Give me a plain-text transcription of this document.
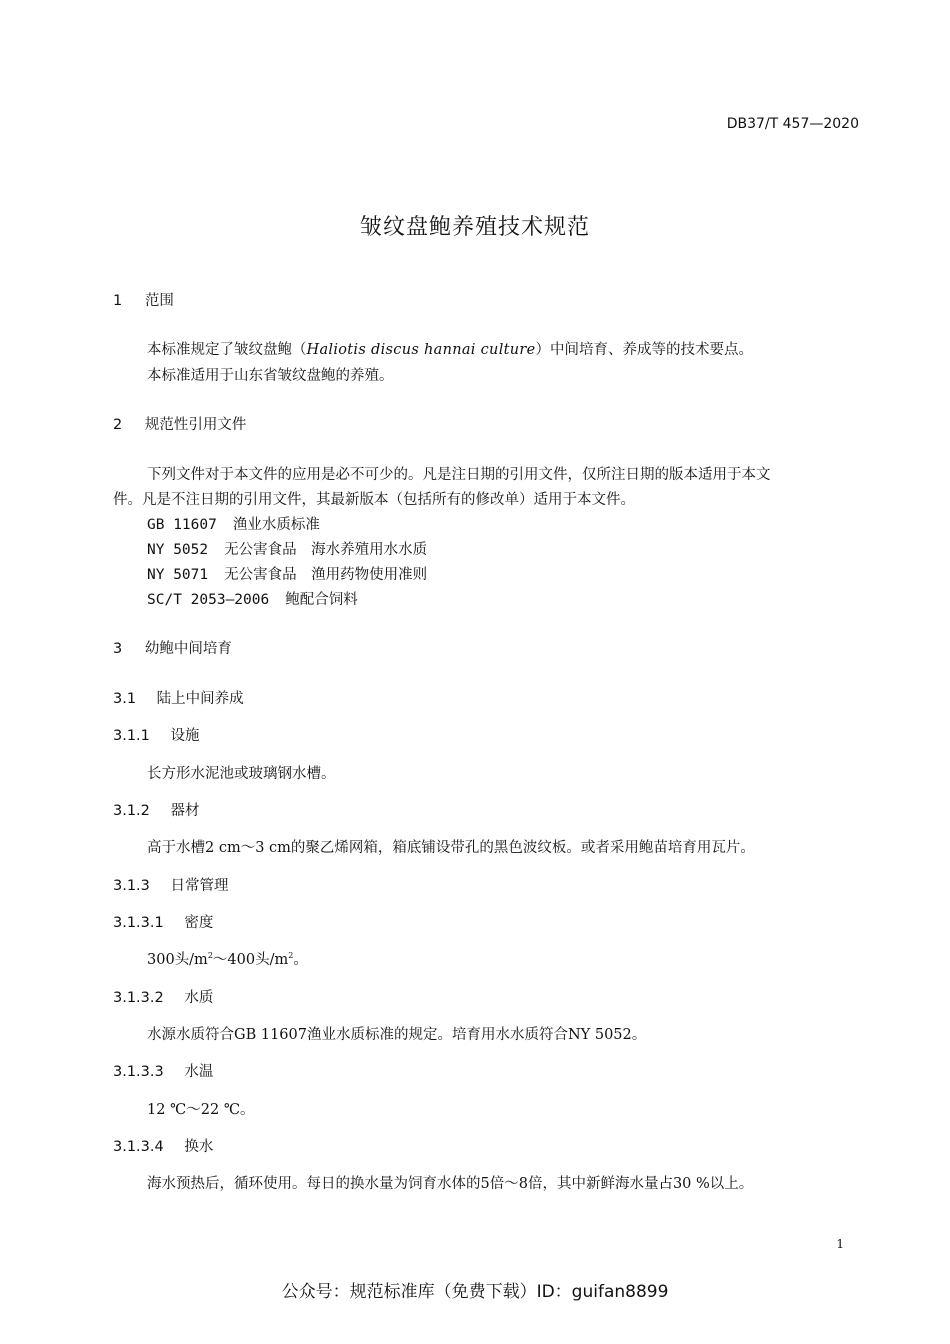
DB37/T 457—2020
皱纹盘鲍养殖技术规范
1 范围
本标准规定了皱纹盘鲍（Haliotis discus hannai culture）中间培育、养成等的技术要点。
本标准适用于山东省皱纹盘鲍的养殖。
2 规范性引用文件
下列文件对于本文件的应用是必不可少的。凡是注日期的引用文件，仅所注日期的版本适用于本文
件。凡是不注日期的引用文件，其最新版本（包括所有的修改单）适用于本文件。
GB 11607 渔业水质标准
NY 5052 无公害食品　海水养殖用水水质
NY 5071 无公害食品　渔用药物使用准则
SC/T 2053—2006 鲍配合饲料
3 幼鲍中间培育
3.1 陆上中间养成
3.1.1 设施
长方形水泥池或玻璃钢水槽。
3.1.2 器材
高于水槽2 cm～3 cm的聚乙烯网箱，箱底铺设带孔的黑色波纹板。或者采用鲍苗培育用瓦片。
3.1.3 日常管理
3.1.3.1 密度
300头$/m^2\sim 400$头$/m^2$。
3.1.3.2 水质
水源水质符合GB 11607渔业水质标准的规定。培育用水水质符合NY 5052。
3.1.3.3 水温
12 ℃～22 ℃。
3.1.3.4 换水
海水预热后，循环使用。每日的换水量为饲育水体的5倍～8倍，其中新鲜海水量占30 %以上。
1
公众号：规范标准库（免费下载）ID：guifan8899
